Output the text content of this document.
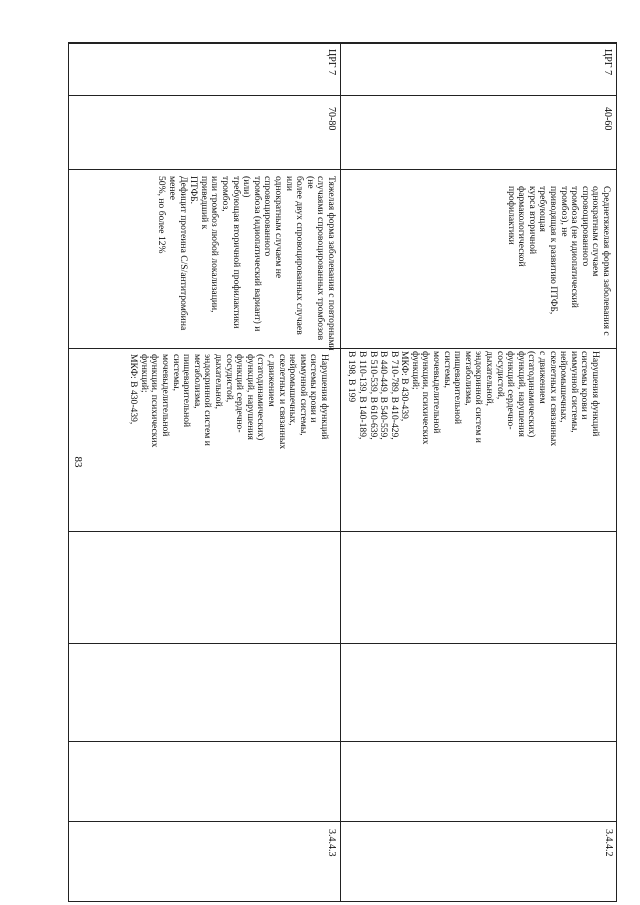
83
ЦРГ 7
40-60

Среднетяжелая форма заболевания с

однократным случаем спровоцированного

тромбоза (не идиопатический тромбоз), не

приводящая к развитию ПТФБ, требующая

курса вторичной фармакологической

профилактики

Нарушения функций

системы крови и

иммунной системы,

нейромышечных,

скелетных и связанных

с движением

(статодинамических)

функций, нарушения

функций сердечно-

сосудистой,

дыхательной,

эндокринной систем и

метаболизма,

пищеварительной

системы,

мочевыделительной

функции, психических

функций;

МКФ: В 430-439,

В 710-789, В 410-429,

В 440-449, В 540-559,

В 510-539, В 610-639,

В 110-139, В 140-189,

В 198, В 199

3.4.4.2
ЦРГ 7
70-80

Тяжелая форма заболевания с повторными

случаями спровоцированных тромбозов (не

более двух спровоцированных случаев или

однократным случаем не спровоцированного

тромбоза (идиопатический вариант) и (или)

требующая вторичной профилактики тромбоз,

или тромбоз любой локализации, приведший к

ПТФБ.

Дефицит протеина C/S/антитромбина менее

50%, но более 12%

Нарушения функций

системы крови и

иммунной системы,

нейромышечных,

скелетных и связанных

с движением

(статодинамических)

функций, нарушения

функций сердечно-

сосудистой,

дыхательной,

эндокринной систем и

метаболизма,

пищеварительной

системы,

мочевыделительной

функции, психических

функций;

МКФ: В 430-439,

3.4.4.3
